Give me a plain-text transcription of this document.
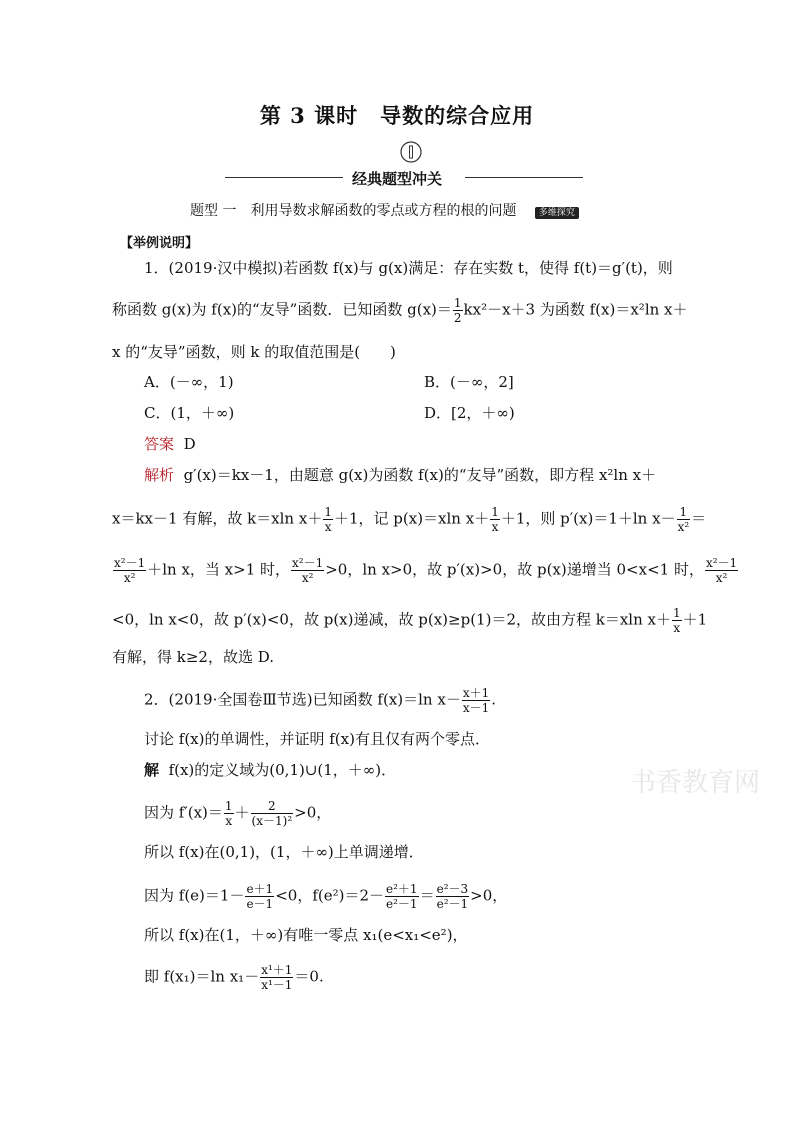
第 3 课时　导数的综合应用
经典题型冲关
题型 一　利用导数求解函数的零点或方程的根的问题 多维探究
【举例说明】
1．(2019·汉中模拟)若函数 f(x)与 g(x)满足：存在实数 t，使得 f(t)＝g′(t)，则
称函数 g(x)为 f(x)的“友导”函数．已知函数 $g(x)= \frac{1}{2} kx^2-x+3$ 为函数 f(x)＝x²ln x＋
x 的“友导”函数，则 k 的取值范围是(　　)
A．(－∞，1)	B．(－∞，2]
C．(1，＋∞)	D．[2，＋∞)
答案 D
解析 g′(x)＝kx－1，由题意 g(x)为函数 f(x)的“友导”函数，即方程 x²ln x＋
x＝kx－1 有解，故 k＝xln $x+ \frac{1}{x} +1$，记 p(x)＝xln $x+ \frac{1}{x} +1$，则 p′(x)＝1＋ln $x- \frac{1}{\text{x²}}$ ＝
$\frac{\text{x²－1}}{\text{x²}} +\ln$ x，当 x>1 时， $\frac{\text{x²－1}}{\text{x²}} >0$，ln x>0，故 p′(x)>0，故 p(x)递增当 0<x<1 时， $\frac{\text{x²－1}}{\text{x²}}$
<0，ln x<0，故 p′(x)<0，故 p(x)递减，故 p(x)≥p(1)＝2，故由方程 k＝xln $x+ \frac{1}{x} +1$
有解，得 k≥2，故选 D.
2．(2019·全国卷Ⅲ节选)已知函数 f(x)＝ln $x- \frac{x+1}{x-1}$ .
讨论 f(x)的单调性，并证明 f(x)有且仅有两个零点．
解 f(x)的定义域为(0,1)∪(1，＋∞)．
因为 $f'(x)= \frac{1}{x} + \frac{2}{\text{(x－1)²}} >0$，
所以 f(x)在(0,1)，(1，＋∞)上单调递增．
因为 $f(e)=1- \frac{e+1}{e-1} <0$，$f(e^2)=2- \frac{\text{e²＋1}}{\text{e²－1}} = \frac{\text{e²－3}}{\text{e²－1}} >0$，
所以 f(x)在(1，＋∞)有唯一零点 x₁(e<x₁<e²)，
即 f(x₁)＝ln $x_1- \frac{\text{x¹＋1}}{\text{x¹－1}} =0$.
书香教育网
